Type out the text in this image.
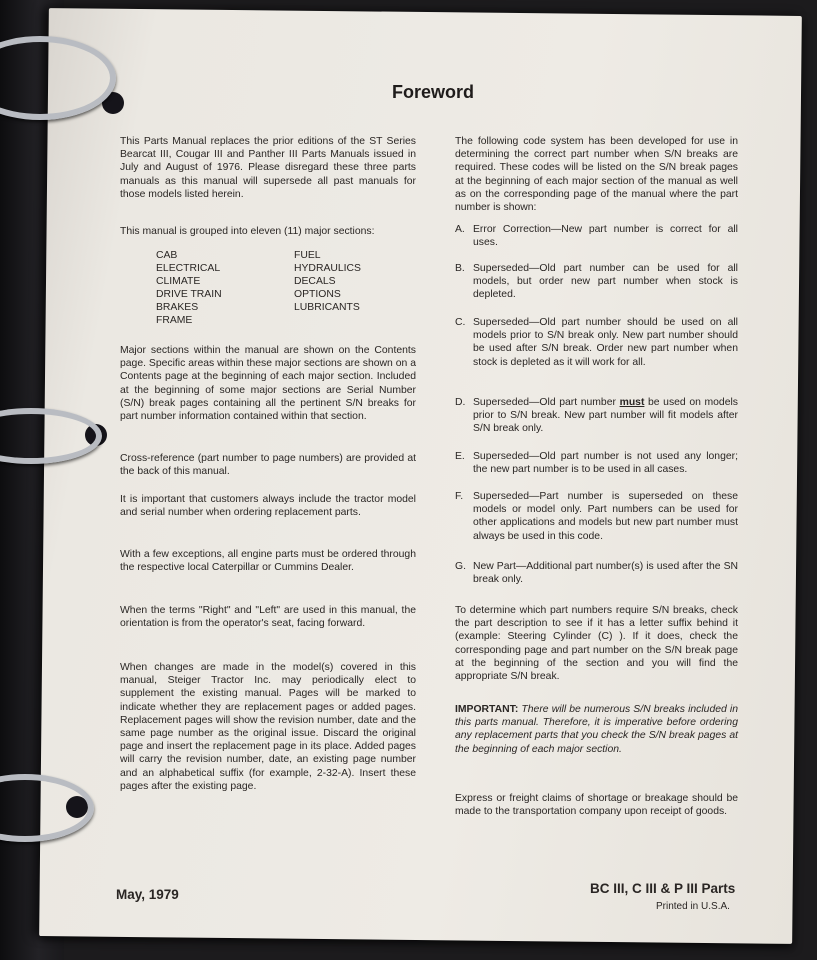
Foreword

This Parts Manual replaces the prior editions of the ST Series Bearcat III, Cougar III and Panther III Parts Manuals issued in July and August of 1976. Please disregard these three parts manuals as this manual will supersede all past manuals for those models listed herein.

This manual is grouped into eleven (11) major sections:

CAB	FUEL
ELECTRICAL	HYDRAULICS
CLIMATE	DECALS
DRIVE TRAIN	OPTIONS
BRAKES	LUBRICANTS
FRAME

Major sections within the manual are shown on the Contents page. Specific areas within these major sections are shown on a Contents page at the beginning of each major section. Included at the beginning of some major sections are Serial Number (S/N) break pages containing all the pertinent S/N breaks for part number information contained within that section.

Cross-reference (part number to page numbers) are provided at the back of this manual.

It is important that customers always include the tractor model and serial number when ordering replacement parts.

With a few exceptions, all engine parts must be ordered through the respective local Caterpillar or Cummins Dealer.

When the terms "Right" and "Left" are used in this manual, the orientation is from the operator's seat, facing forward.

When changes are made in the model(s) covered in this manual, Steiger Tractor Inc. may periodically elect to supplement the existing manual. Pages will be marked to indicate whether they are replacement pages or added pages. Replacement pages will show the revision number, date and the same page number as the original issue. Discard the original page and insert the replacement page in its place. Added pages will carry the revision number, date, an existing page number and an alphabetical suffix (for example, 2-32-A). Insert these pages after the existing page.

The following code system has been developed for use in determining the correct part number when S/N breaks are required. These codes will be listed on the S/N break pages at the beginning of each major section of the manual as well as on the corresponding page of the manual where the part number is shown:

A. Error Correction—New part number is correct for all uses.
B. Superseded—Old part number can be used for all models, but order new part number when stock is depleted.
C. Superseded—Old part number should be used on all models prior to S/N break only. New part number should be used after S/N break. Order new part number when stock is depleted as it will work for all.
D. Superseded—Old part number must be used on models prior to S/N break. New part number will fit models after S/N break only.
E. Superseded—Old part number is not used any longer; the new part number is to be used in all cases.
F. Superseded—Part number is superseded on these models or model only. Part numbers can be used for other applications and models but new part number must always be used in this code.
G. New Part—Additional part number(s) is used after the SN break only.

To determine which part numbers require S/N breaks, check the part description to see if it has a letter suffix behind it (example: Steering Cylinder (C) ). If it does, check the corresponding page and part number on the S/N break page at the beginning of the section and you will find the appropriate S/N break.

IMPORTANT: There will be numerous S/N breaks included in this parts manual. Therefore, it is imperative before ordering any replacement parts that you check the S/N break pages at the beginning of each major section.

Express or freight claims of shortage or breakage should be made to the transportation company upon receipt of goods.

May, 1979	BC III, C III & P III Parts
Printed in U.S.A.
